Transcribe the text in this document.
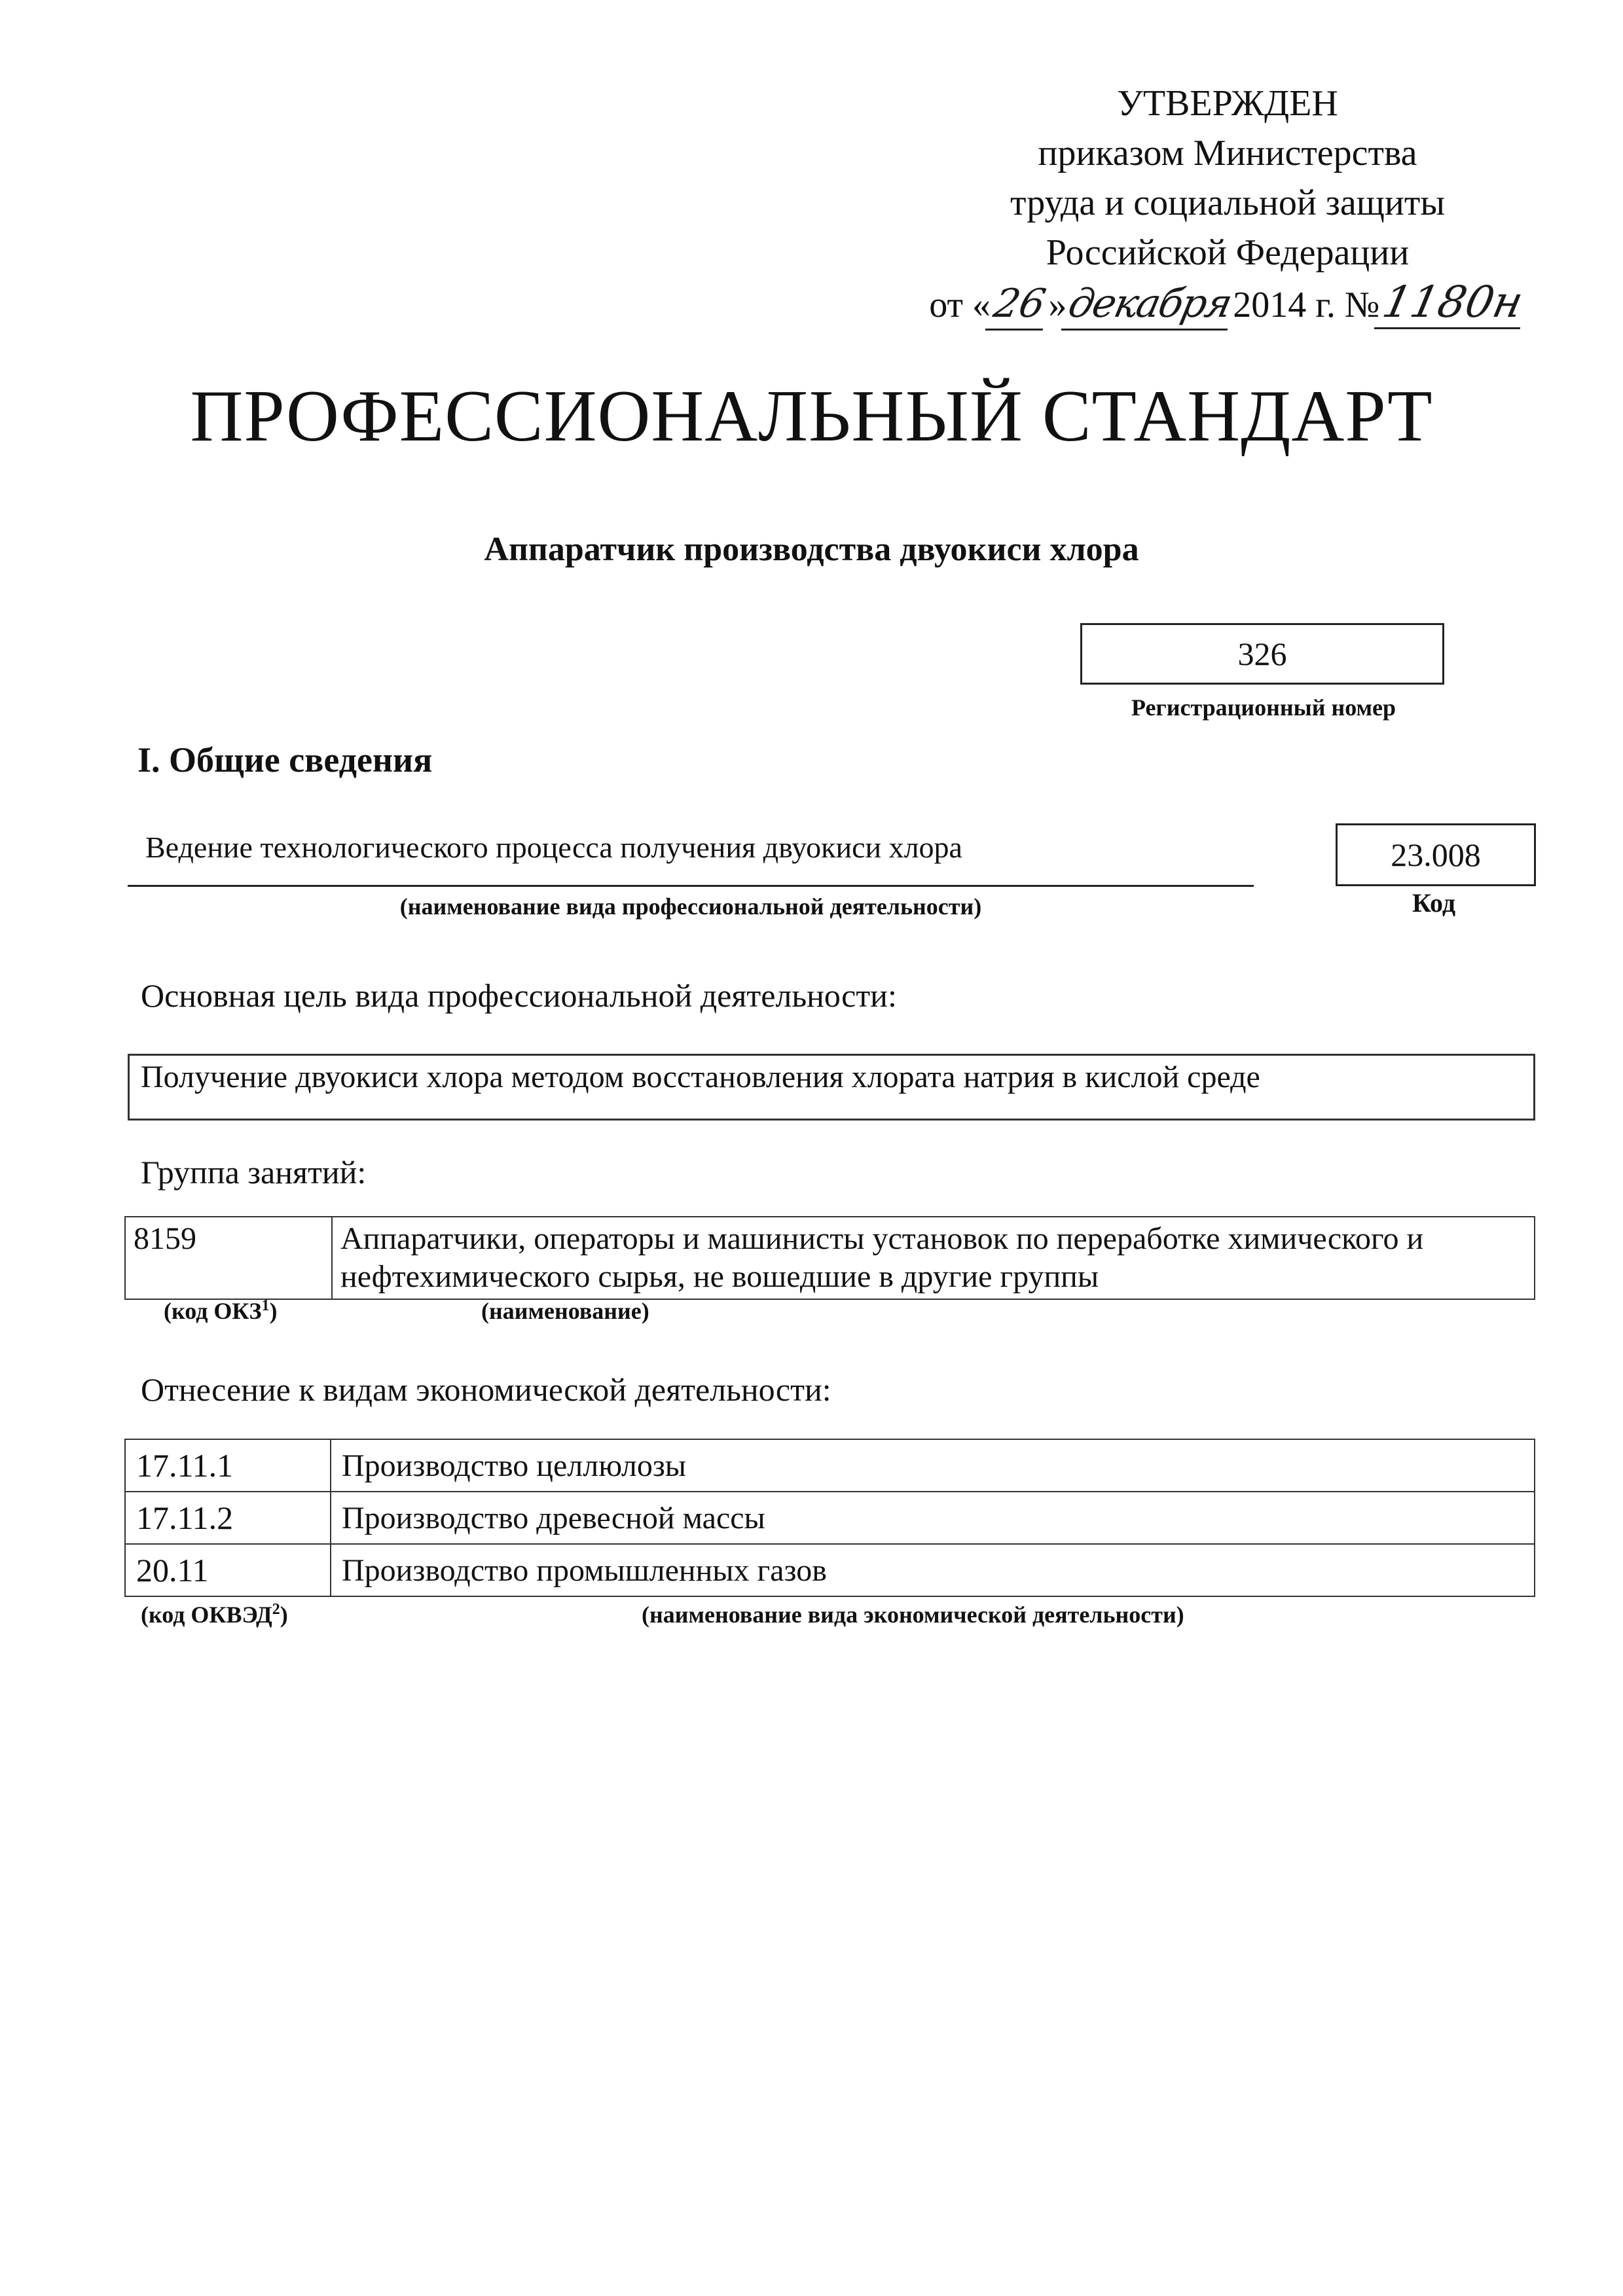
УТВЕРЖДЕН
приказом Министерства
труда и социальной защиты
Российской Федерации
от «26»декабря2014 г. №1180н
ПРОФЕССИОНАЛЬНЫЙ СТАНДАРТ
Аппаратчик производства двуокиси хлора
326
Регистрационный номер
I. Общие сведения
Ведение технологического процесса получения двуокиси хлора
(наименование вида профессиональной деятельности)
23.008
Код
Основная цель вида профессиональной деятельности:
Получение двуокиси хлора методом восстановления хлората натрия в кислой среде
Группа занятий:
8159	Аппаратчики, операторы и машинисты установок по переработке химического и нефтехимического сырья, не вошедшие в другие группы
(код ОКЗ$^1$)	(наименование)
Отнесение к видам экономической деятельности:
17.11.1	Производство целлюлозы
17.11.2	Производство древесной массы
20.11	Производство промышленных газов
(код ОКВЭД$^2$)	(наименование вида экономической деятельности)
